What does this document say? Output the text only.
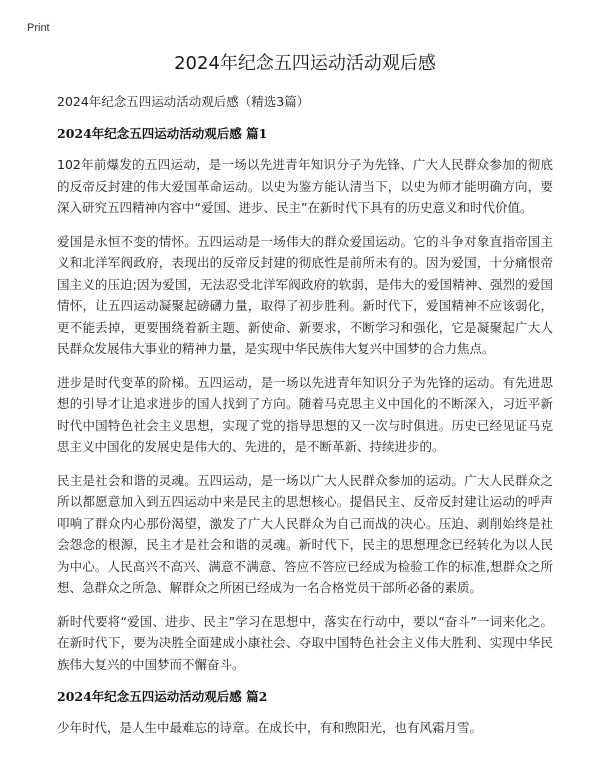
Print
2024年纪念五四运动活动观后感

2024年纪念五四运动活动观后感（精选3篇）

2024年纪念五四运动活动观后感 篇1

102年前爆发的五四运动，是一场以先进青年知识分子为先锋、广大人民群众参加的彻底的反帝反封建的伟大爱国革命运动。以史为鉴方能认清当下，以史为师才能明确方向，要深入研究五四精神内容中“爱国、进步、民主”在新时代下具有的历史意义和时代价值。

爱国是永恒不变的情怀。五四运动是一场伟大的群众爱国运动。它的斗争对象直指帝国主义和北洋军阀政府，表现出的反帝反封建的彻底性是前所未有的。因为爱国，十分痛恨帝国主义的压迫;因为爱国，无法忍受北洋军阀政府的软弱，是伟大的爱国精神、强烈的爱国情怀，让五四运动凝聚起磅礴力量，取得了初步胜利。新时代下，爱国精神不应该弱化，更不能丢掉，更要围绕着新主题、新使命、新要求，不断学习和强化，它是凝聚起广大人民群众发展伟大事业的精神力量，是实现中华民族伟大复兴中国梦的合力焦点。

进步是时代变革的阶梯。五四运动，是一场以先进青年知识分子为先锋的运动。有先进思想的引导才让追求进步的国人找到了方向。随着马克思主义中国化的不断深入，习近平新时代中国特色社会主义思想，实现了党的指导思想的又一次与时俱进。历史已经见证马克思主义中国化的发展史是伟大的、先进的，是不断革新、持续进步的。

民主是社会和谐的灵魂。五四运动，是一场以广大人民群众参加的运动。广大人民群众之所以都愿意加入到五四运动中来是民主的思想核心。提倡民主、反帝反封建让运动的呼声叩响了群众内心那份渴望，激发了广大人民群众为自己而战的决心。压迫、剥削始终是社会怨念的根源，民主才是社会和谐的灵魂。新时代下，民主的思想理念已经转化为以人民为中心。人民高兴不高兴、满意不满意、答应不答应已经成为检验工作的标准,想群众之所想、急群众之所急、解群众之所困已经成为一名合格党员干部所必备的素质。

新时代要将“爱国、进步、民主”学习在思想中，落实在行动中，要以“奋斗”一词来化之。在新时代下，要为决胜全面建成小康社会、夺取中国特色社会主义伟大胜利、实现中华民族伟大复兴的中国梦而不懈奋斗。

2024年纪念五四运动活动观后感 篇2

少年时代，是人生中最难忘的诗章。在成长中，有和煦阳光，也有风霜月雪。
